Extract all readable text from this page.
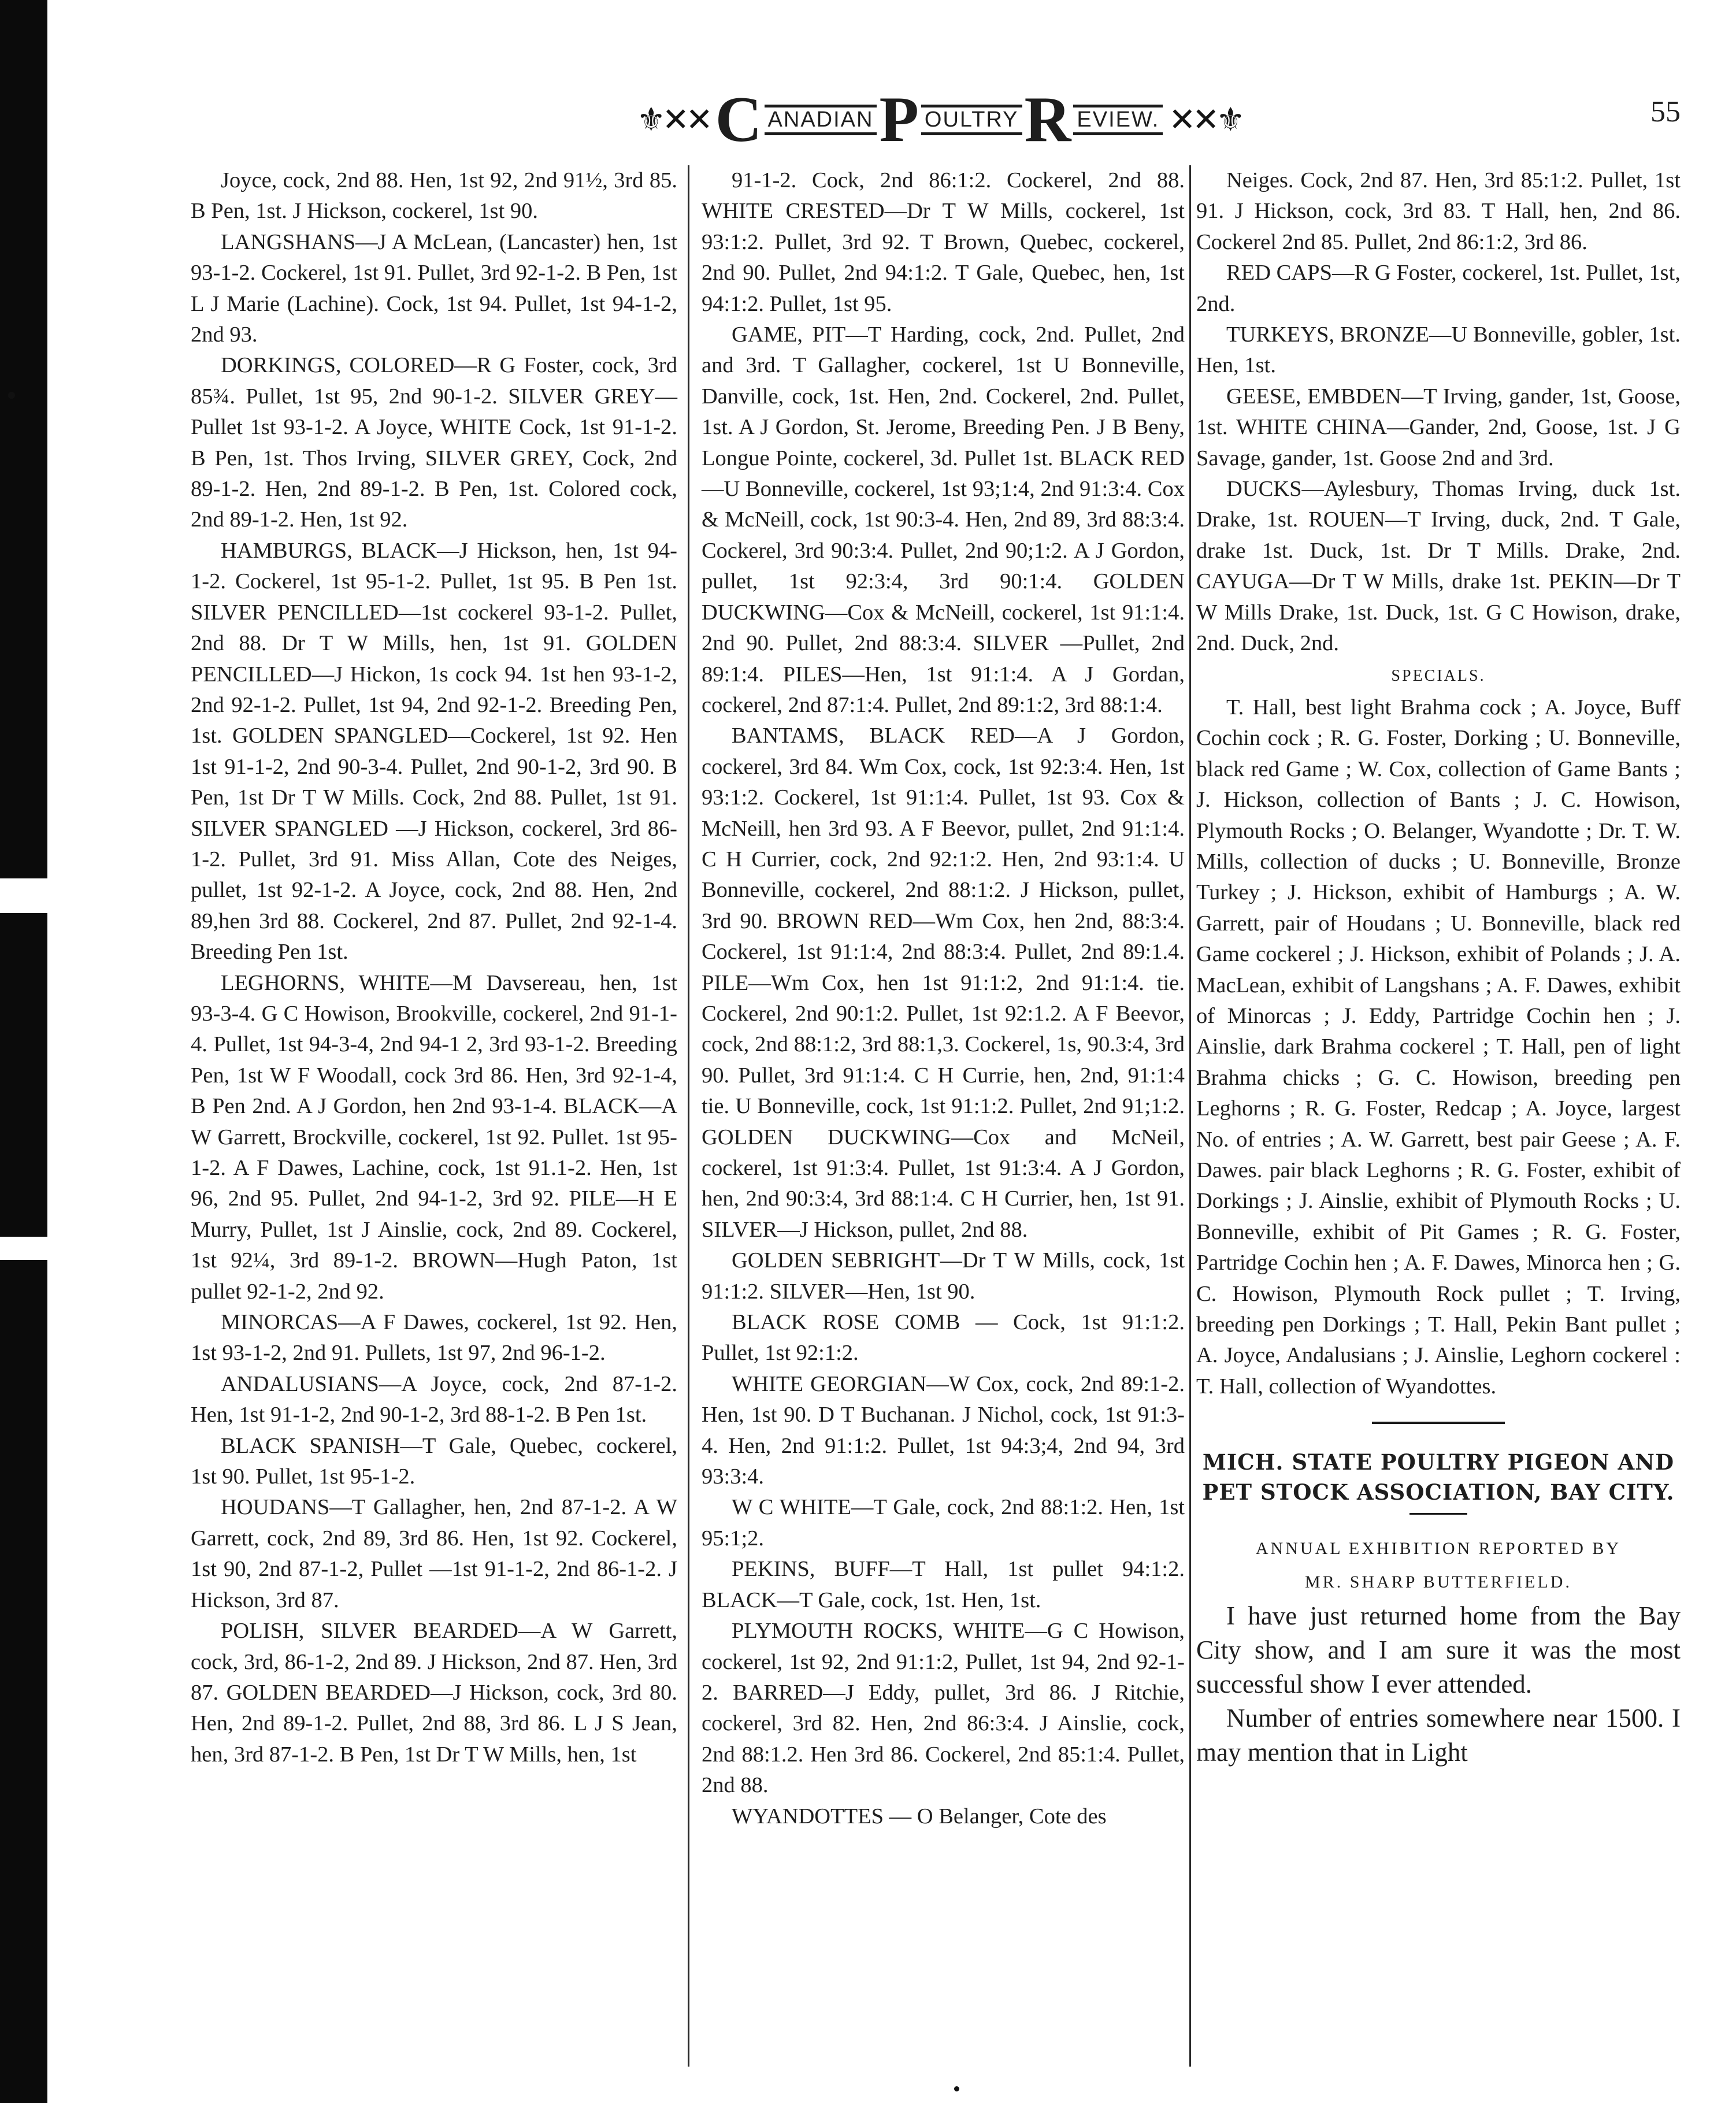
⚜✕✕ C ANADIAN P OULTRY R EVIEW. ✕✕⚜	55

Joyce, cock, 2nd 88. Hen, 1st 92, 2nd 91½, 3rd 85. B Pen, 1st. J Hickson, cockerel, 1st 90.

LANGSHANS—J A McLean, (Lancaster) hen, 1st 93-1-2. Cockerel, 1st 91. Pullet, 3rd 92-1-2. B Pen, 1st L J Marie (Lachine). Cock, 1st 94. Pullet, 1st 94-1-2, 2nd 93.

DORKINGS, COLORED—R G Foster, cock, 3rd 85¾. Pullet, 1st 95, 2nd 90-1-2. SILVER GREY—Pullet 1st 93-1-2. A Joyce, WHITE Cock, 1st 91-1-2. B Pen, 1st. Thos Irving, SILVER GREY, Cock, 2nd 89-1-2. Hen, 2nd 89-1-2. B Pen, 1st. Colored cock, 2nd 89-1-2. Hen, 1st 92.

HAMBURGS, BLACK—J Hickson, hen, 1st 94-1-2. Cockerel, 1st 95-1-2. Pullet, 1st 95. B Pen 1st. SILVER PENCILLED—1st cockerel 93-1-2. Pullet, 2nd 88. Dr T W Mills, hen, 1st 91. GOLDEN PENCILLED—J Hickon, 1s cock 94. 1st hen 93-1-2, 2nd 92-1-2. Pullet, 1st 94, 2nd 92-1-2. Breeding Pen, 1st. GOLDEN SPANGLED—Cockerel, 1st 92. Hen 1st 91-1-2, 2nd 90-3-4. Pullet, 2nd 90-1-2, 3rd 90. B Pen, 1st Dr T W Mills. Cock, 2nd 88. Pullet, 1st 91. SILVER SPANGLED —J Hickson, cockerel, 3rd 86-1-2. Pullet, 3rd 91. Miss Allan, Cote des Neiges, pullet, 1st 92-1-2. A Joyce, cock, 2nd 88. Hen, 2nd 89,hen 3rd 88. Cockerel, 2nd 87. Pullet, 2nd 92-1-4. Breeding Pen 1st.

LEGHORNS, WHITE—M Davsereau, hen, 1st 93-3-4. G C Howison, Brookville, cockerel, 2nd 91-1-4. Pullet, 1st 94-3-4, 2nd 94-1 2, 3rd 93-1-2. Breeding Pen, 1st W F Woodall, cock 3rd 86. Hen, 3rd 92-1-4, B Pen 2nd. A J Gordon, hen 2nd 93-1-4. BLACK—A W Garrett, Brockville, cockerel, 1st 92. Pullet. 1st 95-1-2. A F Dawes, Lachine, cock, 1st 91.1-2. Hen, 1st 96, 2nd 95. Pullet, 2nd 94-1-2, 3rd 92. PILE—H E Murry, Pullet, 1st J Ainslie, cock, 2nd 89. Cockerel, 1st 92¼, 3rd 89-1-2. BROWN—Hugh Paton, 1st pullet 92-1-2, 2nd 92.

MINORCAS—A F Dawes, cockerel, 1st 92. Hen, 1st 93-1-2, 2nd 91. Pullets, 1st 97, 2nd 96-1-2.

ANDALUSIANS—A Joyce, cock, 2nd 87-1-2. Hen, 1st 91-1-2, 2nd 90-1-2, 3rd 88-1-2. B Pen 1st.

BLACK SPANISH—T Gale, Quebec, cockerel, 1st 90. Pullet, 1st 95-1-2.

HOUDANS—T Gallagher, hen, 2nd 87-1-2. A W Garrett, cock, 2nd 89, 3rd 86. Hen, 1st 92. Cockerel, 1st 90, 2nd 87-1-2, Pullet —1st 91-1-2, 2nd 86-1-2. J Hickson, 3rd 87.

POLISH, SILVER BEARDED—A W Garrett, cock, 3rd, 86-1-2, 2nd 89. J Hickson, 2nd 87. Hen, 3rd 87. GOLDEN BEARDED—J Hickson, cock, 3rd 80. Hen, 2nd 89-1-2. Pullet, 2nd 88, 3rd 86. L J S Jean, hen, 3rd 87-1-2. B Pen, 1st Dr T W Mills, hen, 1st

91-1-2. Cock, 2nd 86:1:2. Cockerel, 2nd 88. WHITE CRESTED—Dr T W Mills, cockerel, 1st 93:1:2. Pullet, 3rd 92. T Brown, Quebec, cockerel, 2nd 90. Pullet, 2nd 94:1:2. T Gale, Quebec, hen, 1st 94:1:2. Pullet, 1st 95.

GAME, PIT—T Harding, cock, 2nd. Pullet, 2nd and 3rd. T Gallagher, cockerel, 1st U Bonneville, Danville, cock, 1st. Hen, 2nd. Cockerel, 2nd. Pullet, 1st. A J Gordon, St. Jerome, Breeding Pen. J B Beny, Longue Pointe, cockerel, 3d. Pullet 1st. BLACK RED—U Bonneville, cockerel, 1st 93;1:4, 2nd 91:3:4. Cox & McNeill, cock, 1st 90:3-4. Hen, 2nd 89, 3rd 88:3:4. Cockerel, 3rd 90:3:4. Pullet, 2nd 90;1:2. A J Gordon, pullet, 1st 92:3:4, 3rd 90:1:4. GOLDEN DUCKWING—Cox & McNeill, cockerel, 1st 91:1:4. 2nd 90. Pullet, 2nd 88:3:4. SILVER —Pullet, 2nd 89:1:4. PILES—Hen, 1st 91:1:4. A J Gordan, cockerel, 2nd 87:1:4. Pullet, 2nd 89:1:2, 3rd 88:1:4.

BANTAMS, BLACK RED—A J Gordon, cockerel, 3rd 84. Wm Cox, cock, 1st 92:3:4. Hen, 1st 93:1:2. Cockerel, 1st 91:1:4. Pullet, 1st 93. Cox & McNeill, hen 3rd 93. A F Beevor, pullet, 2nd 91:1:4. C H Currier, cock, 2nd 92:1:2. Hen, 2nd 93:1:4. U Bonneville, cockerel, 2nd 88:1:2. J Hickson, pullet, 3rd 90. BROWN RED—Wm Cox, hen 2nd, 88:3:4. Cockerel, 1st 91:1:4, 2nd 88:3:4. Pullet, 2nd 89:1.4. PILE—Wm Cox, hen 1st 91:1:2, 2nd 91:1:4. tie. Cockerel, 2nd 90:1:2. Pullet, 1st 92:1.2. A F Beevor, cock, 2nd 88:1:2, 3rd 88:1,3. Cockerel, 1s, 90.3:4, 3rd 90. Pullet, 3rd 91:1:4. C H Currie, hen, 2nd, 91:1:4 tie. U Bonneville, cock, 1st 91:1:2. Pullet, 2nd 91;1:2. GOLDEN DUCKWING—Cox and McNeil, cockerel, 1st 91:3:4. Pullet, 1st 91:3:4. A J Gordon, hen, 2nd 90:3:4, 3rd 88:1:4. C H Currier, hen, 1st 91. SILVER—J Hickson, pullet, 2nd 88.

GOLDEN SEBRIGHT—Dr T W Mills, cock, 1st 91:1:2. SILVER—Hen, 1st 90.

BLACK ROSE COMB — Cock, 1st 91:1:2. Pullet, 1st 92:1:2.

WHITE GEORGIAN—W Cox, cock, 2nd 89:1-2. Hen, 1st 90. D T Buchanan. J Nichol, cock, 1st 91:3-4. Hen, 2nd 91:1:2. Pullet, 1st 94:3;4, 2nd 94, 3rd 93:3:4.

W C WHITE—T Gale, cock, 2nd 88:1:2. Hen, 1st 95:1;2.

PEKINS, BUFF—T Hall, 1st pullet 94:1:2. BLACK—T Gale, cock, 1st. Hen, 1st.

PLYMOUTH ROCKS, WHITE—G C Howison, cockerel, 1st 92, 2nd 91:1:2, Pullet, 1st 94, 2nd 92-1-2. BARRED—J Eddy, pullet, 3rd 86. J Ritchie, cockerel, 3rd 82. Hen, 2nd 86:3:4. J Ainslie, cock, 2nd 88:1.2. Hen 3rd 86. Cockerel, 2nd 85:1:4. Pullet, 2nd 88.

WYANDOTTES — O Belanger, Cote des

Neiges. Cock, 2nd 87. Hen, 3rd 85:1:2. Pullet, 1st 91. J Hickson, cock, 3rd 83. T Hall, hen, 2nd 86. Cockerel 2nd 85. Pullet, 2nd 86:1:2, 3rd 86.

RED CAPS—R G Foster, cockerel, 1st. Pullet, 1st, 2nd.

TURKEYS, BRONZE—U Bonneville, gobler, 1st. Hen, 1st.

GEESE, EMBDEN—T Irving, gander, 1st, Goose, 1st. WHITE CHINA—Gander, 2nd, Goose, 1st. J G Savage, gander, 1st. Goose 2nd and 3rd.

DUCKS—Aylesbury, Thomas Irving, duck 1st. Drake, 1st. ROUEN—T Irving, duck, 2nd. T Gale, drake 1st. Duck, 1st. Dr T Mills. Drake, 2nd. CAYUGA—Dr T W Mills, drake 1st. PEKIN—Dr T W Mills Drake, 1st. Duck, 1st. G C Howison, drake, 2nd. Duck, 2nd.

SPECIALS.

T. Hall, best light Brahma cock ; A. Joyce, Buff Cochin cock ; R. G. Foster, Dorking ; U. Bonneville, black red Game ; W. Cox, collection of Game Bants ; J. Hickson, collection of Bants ; J. C. Howison, Plymouth Rocks ; O. Belanger, Wyandotte ; Dr. T. W. Mills, collection of ducks ; U. Bonneville, Bronze Turkey ; J. Hickson, exhibit of Hamburgs ; A. W. Garrett, pair of Houdans ; U. Bonneville, black red Game cockerel ; J. Hickson, exhibit of Polands ; J. A. MacLean, exhibit of Langshans ; A. F. Dawes, exhibit of Minorcas ; J. Eddy, Partridge Cochin hen ; J. Ainslie, dark Brahma cockerel ; T. Hall, pen of light Brahma chicks ; G. C. Howison, breeding pen Leghorns ; R. G. Foster, Redcap ; A. Joyce, largest No. of entries ; A. W. Garrett, best pair Geese ; A. F. Dawes. pair black Leghorns ; R. G. Foster, exhibit of Dorkings ; J. Ainslie, exhibit of Plymouth Rocks ; U. Bonneville, exhibit of Pit Games ; R. G. Foster, Partridge Cochin hen ; A. F. Dawes, Minorca hen ; G. C. Howison, Plymouth Rock pullet ; T. Irving, breeding pen Dorkings ; T. Hall, Pekin Bant pullet ; A. Joyce, Andalusians ; J. Ainslie, Leghorn cockerel : T. Hall, collection of Wyandottes.

MICH. STATE POULTRY PIGEON AND PET STOCK ASSOCIATION, BAY CITY.

ANNUAL EXHIBITION REPORTED BY

MR. SHARP BUTTERFIELD.

I have just returned home from the Bay City show, and I am sure it was the most successful show I ever attended.

Number of entries somewhere near 1500. I may mention that in Light
